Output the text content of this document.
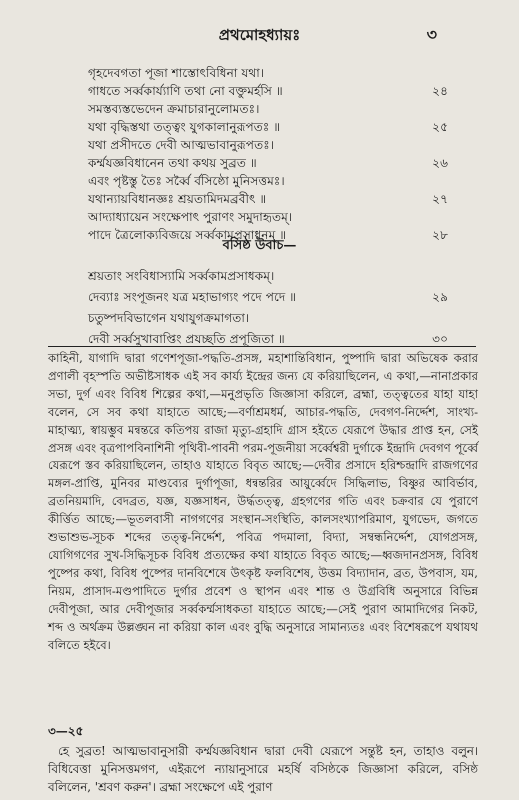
প্রথমোহধ্যায়ঃ	৩
গৃহদেবগতা পূজা শাস্তোৎবিধিনা যথা।
গাধতে সর্ব্বকার্য্যাণি তথা নো বক্তুমর্হসি ॥	২৪
সমস্তব্যস্তভেদেন ক্রমাচারানুলোমতঃ।
যথা বৃদ্ধিস্তথা তত্ত্বং যুগকালানুরূপতঃ ॥	২৫
যথা প্রসীদতে দেবী আত্মভাবানুরূপতঃ।
কর্ম্মযজ্ঞবিধানেন তথা কথয় সুব্রত ॥	২৬
এবং পৃষ্টস্তু তৈঃ সর্ব্বৈ র্বসিষ্ঠো মুনিসত্তমঃ।
যথান্যায়বিধানজ্ঞঃ শ্রয়তামিদমব্রবীৎ ॥	২৭
আদ্যাধ্যায়েন সংক্ষেপাৎ পুরাণং সমুদাহৃতম্।
পাদে ত্রৈলোক্যবিজয়ে সর্ব্বকামপ্রসাধনম্ ॥	২৮
বসিষ্ঠ উবাচ—
শ্রয়তাং সংবিধাস্যামি সর্ব্বকামপ্রসাধকম্।
দেব্যাঃ সংপূজনং যত্র মহাভাগ্যং পদে পদে ॥	২৯
চতুষ্পদবিভাগেন যথাযুগক্রমাগতা।
দেবী সর্ব্বসুখাবাপ্তিং প্রযচ্ছতি প্রপূজিতা ॥	৩০

কাহিনী, যাগাদি দ্বারা গণেশপূজা-পদ্ধতি-প্রসঙ্গ, মহাশান্তিবিধান, পুষ্পাদি দ্বারা অভিষেক করার প্রণালী বৃহস্পতি অভীষ্টসাধক এই সব কার্য্য ইন্দ্রের জন্য যে করিয়াছিলেন, এ কথা,—নানাপ্রকার সভা, দুর্গ এবং বিবিধ শিল্পের কথা,—মনুপ্রভৃতি জিজ্ঞাসা করিলে, ব্রহ্মা, তত্ত্বতের যাহা যাহা বলেন, সে সব কথা যাহাতে আছে;—বর্ণাশ্রমধর্ম, আচার-পদ্ধতি, দেবগণ-নির্দ্দেশ, সাংখ্য-মাহাত্ম্য, স্বায়ম্ভুব মন্বন্তরে কতিপয় রাজা মৃত্যু-গ্রহাদি গ্রাস হইতে যেরূপে উদ্ধার প্রাপ্ত হন, সেই প্রসঙ্গ এবং বৃত্রপাপবিনাশিনী পৃথিবী-পাবনী পরম-পূজনীয়া সর্ব্বেশ্বরী দুর্গাকে ইন্দ্রাদি দেবগণ পূর্ব্বে যেরূপে স্তব করিয়াছিলেন, তাহাও যাহাতে বিবৃত আছে;—দেবীর প্রসাদে হরিশ্চন্দ্রাদি রাজগণের মঙ্গল-প্রাপ্তি, মুনিবর মাণ্ডব্যের দুর্গাপূজা, ধন্বন্তরির আয়ুর্ব্বেদে সিদ্ধিলাভ, বিষ্ণুর আবির্ভাব, ব্রতনিয়মাদি, বেদব্রত, যজ্ঞ, যজ্ঞসাধন, উর্দ্ধতত্ত্ব, গ্রহগণের গতি এবং চক্রবার যে পুরাণে কীর্ত্তিত আছে;—ভূতলবাসী নাগগণের সংস্থান-সংস্থিতি, কালসংখ্যাপরিমাণ, যুগভেদ, জগতে শুভাশুভ-সূচক শব্দের তত্ত্ব-নির্দ্দেশ, পবিত্র পদমালা, বিদ্যা, সম্বন্ধনির্দ্দেশ, যোগপ্রসঙ্গ, যোগিগণের সুখ-সিদ্ধিসূচক বিবিধ প্রত্যক্ষের কথা যাহাতে বিবৃত আছে;—ধ্বজদানপ্রসঙ্গ, বিবিধ পুষ্পের কথা, বিবিধ পুষ্পের দানবিশেষে উৎকৃষ্ট ফলবিশেষ, উত্তম বিদ্যাদান, ব্রত, উপবাস, যম, নিয়ম, প্রাসাদ-মণ্ডপাদিতে দুর্গার প্রবেশ ও স্থাপন এবং শান্ত ও উগ্রবিধি অনুসারে বিভিন্ন দেবীপূজা, আর দেবীপূজার সর্ব্বকর্ম্মসাধকতা যাহাতে আছে;—সেই পুরাণ আমাদিগের নিকট, শব্দ ও অর্থক্রম উল্লঙ্ঘন না করিয়া কাল এবং বুদ্ধি অনুসারে সামান্যতঃ এবং বিশেষরূপে যথাযথ বলিতে হইবে।

৩—২৫

হে সুব্রত! আত্মভাবানুসারী কর্ম্মযজ্ঞবিধান দ্বারা দেবী যেরূপে সন্তুষ্ট হন, তাহাও বলুন। বিধিবেত্তা মুনিসত্তমগণ, এইরূপে ন্যায়ানুসারে মহর্ষি বসিষ্ঠকে জিজ্ঞাসা করিলে, বসিষ্ঠ বলিলেন, 'শ্রবণ করুন'। ব্রহ্মা সংক্ষেপে এই পুরাণ
